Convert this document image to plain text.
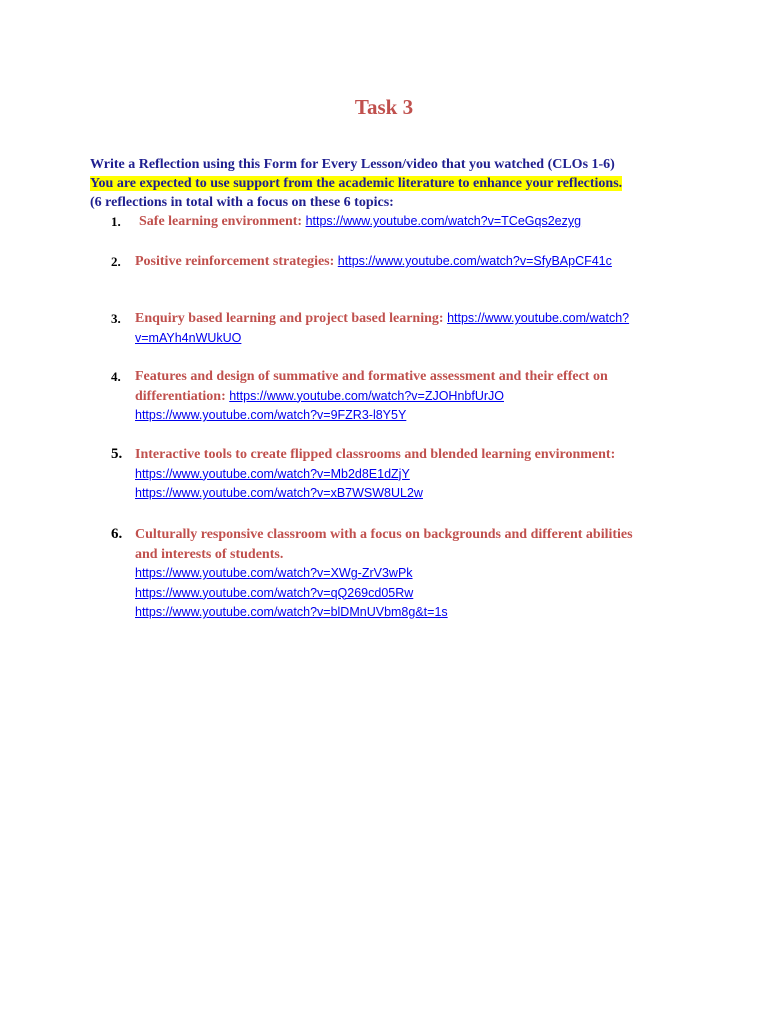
Task 3
Write a Reflection using this Form for Every Lesson/video that you watched (CLOs 1-6)
You are expected to use support from the academic literature to enhance your reflections.
(6 reflections in total with a focus on these 6 topics:
1. Safe learning environment: https://www.youtube.com/watch?v=TCeGqs2ezyg
2. Positive reinforcement strategies: https://www.youtube.com/watch?v=SfyBApCF41c
3. Enquiry based learning and project based learning: https://www.youtube.com/watch?
v=mAYh4nWUkUO
4. Features and design of summative and formative assessment and their effect on
differentiation: https://www.youtube.com/watch?v=ZJOHnbfUrJO
https://www.youtube.com/watch?v=9FZR3-l8Y5Y
5. Interactive tools to create flipped classrooms and blended learning environment:
https://www.youtube.com/watch?v=Mb2d8E1dZjY
https://www.youtube.com/watch?v=xB7WSW8UL2w
6. Culturally responsive classroom with a focus on backgrounds and different abilities
and interests of students.
https://www.youtube.com/watch?v=XWg-ZrV3wPk
https://www.youtube.com/watch?v=qQ269cd05Rw
https://www.youtube.com/watch?v=blDMnUVbm8g&t=1s
